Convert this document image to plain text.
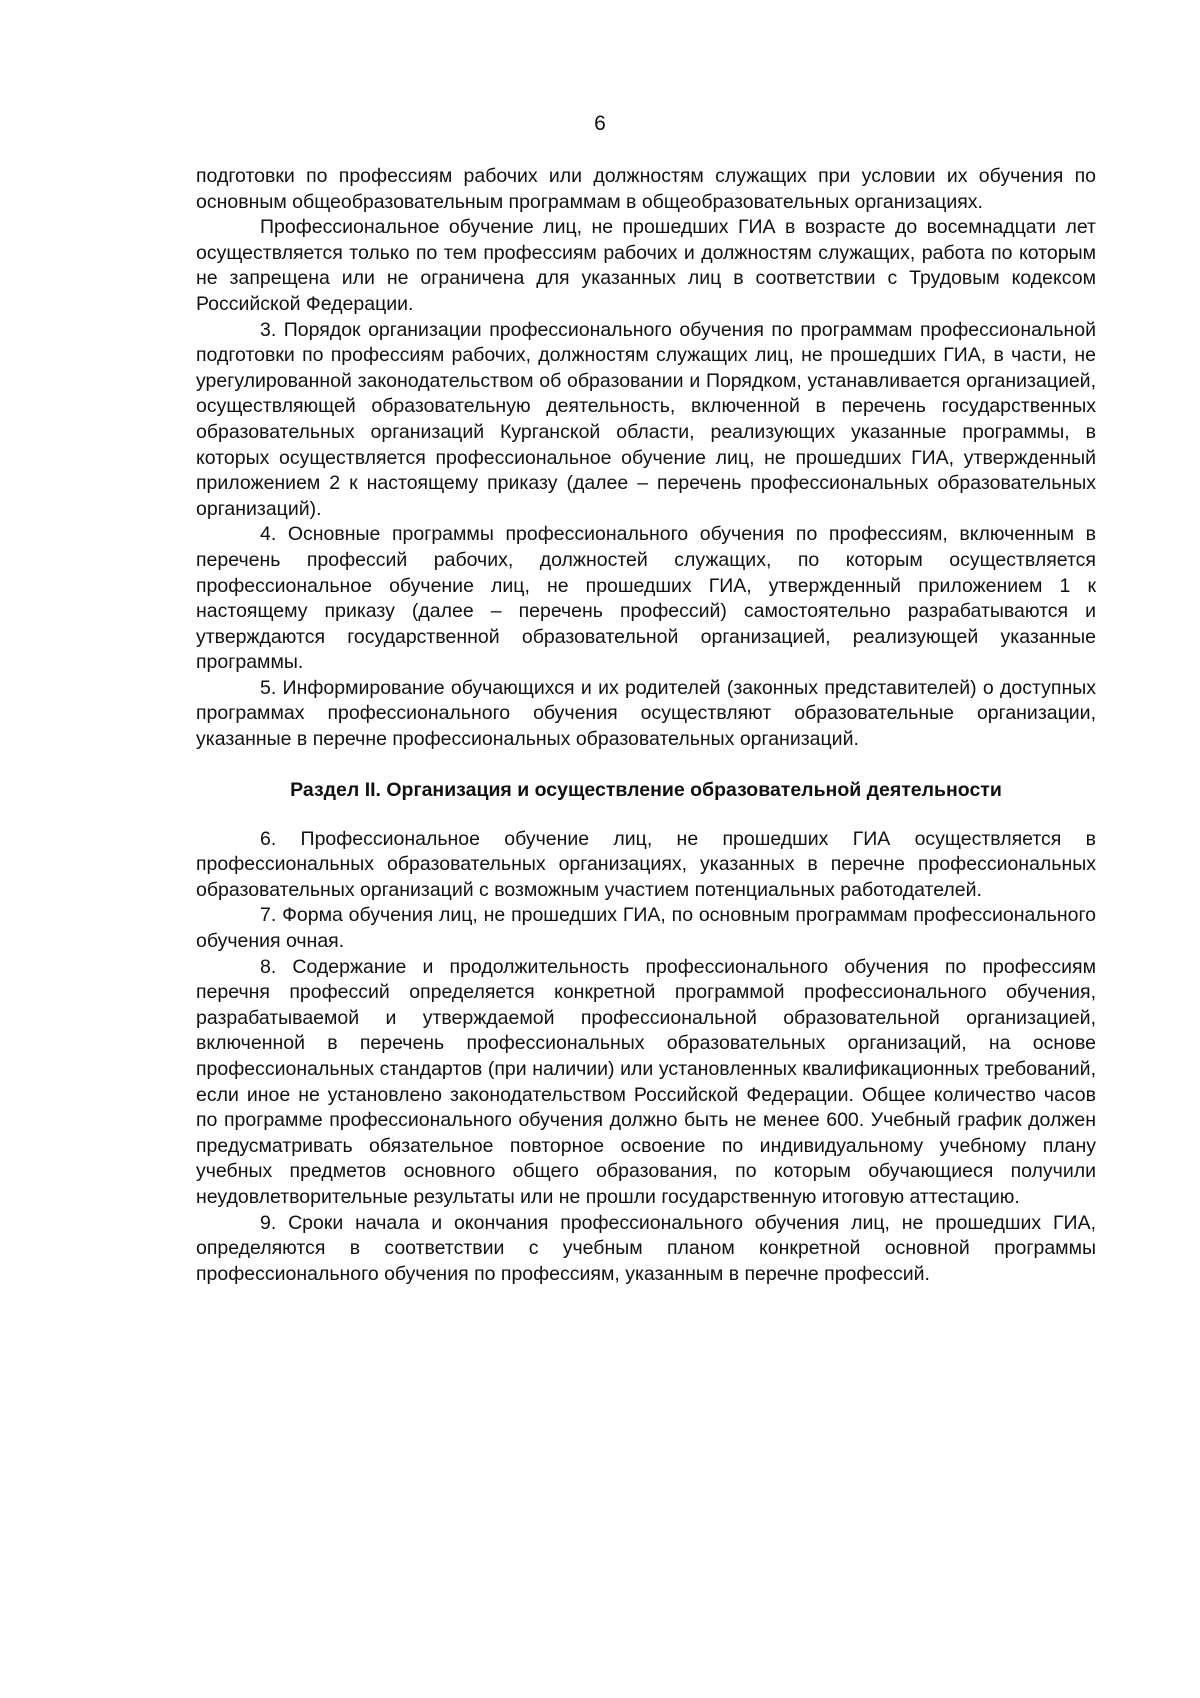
6

подготовки по профессиям рабочих или должностям служащих при условии их обучения по основным общеобразовательным программам в общеобразовательных организациях.

Профессиональное обучение лиц, не прошедших ГИА в возрасте до восемнадцати лет осуществляется только по тем профессиям рабочих и должностям служащих, работа по которым не запрещена или не ограничена для указанных лиц в соответствии с Трудовым кодексом Российской Федерации.

3. Порядок организации профессионального обучения по программам профессиональной подготовки по профессиям рабочих, должностям служащих лиц, не прошедших ГИА, в части, не урегулированной законодательством об образовании и Порядком, устанавливается организацией, осуществляющей образовательную деятельность, включенной в перечень государственных образовательных организаций Курганской области, реализующих указанные программы, в которых осуществляется профессиональное обучение лиц, не прошедших ГИА, утвержденный приложением 2 к настоящему приказу (далее – перечень профессиональных образовательных организаций).

4. Основные программы профессионального обучения по профессиям, включенным в перечень профессий рабочих, должностей служащих, по которым осуществляется профессиональное обучение лиц, не прошедших ГИА, утвержденный приложением 1 к настоящему приказу (далее – перечень профессий) самостоятельно разрабатываются и утверждаются государственной образовательной организацией, реализующей указанные программы.

5. Информирование обучающихся и их родителей (законных представителей) о доступных программах профессионального обучения осуществляют образовательные организации, указанные в перечне профессиональных образовательных организаций.

Раздел II. Организация и осуществление образовательной деятельности

6. Профессиональное обучение лиц, не прошедших ГИА осуществляется в профессиональных образовательных организациях, указанных в перечне профессиональных образовательных организаций с возможным участием потенциальных работодателей.

7. Форма обучения лиц, не прошедших ГИА, по основным программам профессионального обучения очная.

8. Содержание и продолжительность профессионального обучения по профессиям перечня профессий определяется конкретной программой профессионального обучения, разрабатываемой и утверждаемой профессиональной образовательной организацией, включенной в перечень профессиональных образовательных организаций, на основе профессиональных стандартов (при наличии) или установленных квалификационных требований, если иное не установлено законодательством Российской Федерации. Общее количество часов по программе профессионального обучения должно быть не менее 600. Учебный график должен предусматривать обязательное повторное освоение по индивидуальному учебному плану учебных предметов основного общего образования, по которым обучающиеся получили неудовлетворительные результаты или не прошли государственную итоговую аттестацию.

9. Сроки начала и окончания профессионального обучения лиц, не прошедших ГИА, определяются в соответствии с учебным планом конкретной основной программы профессионального обучения по профессиям, указанным в перечне профессий.
